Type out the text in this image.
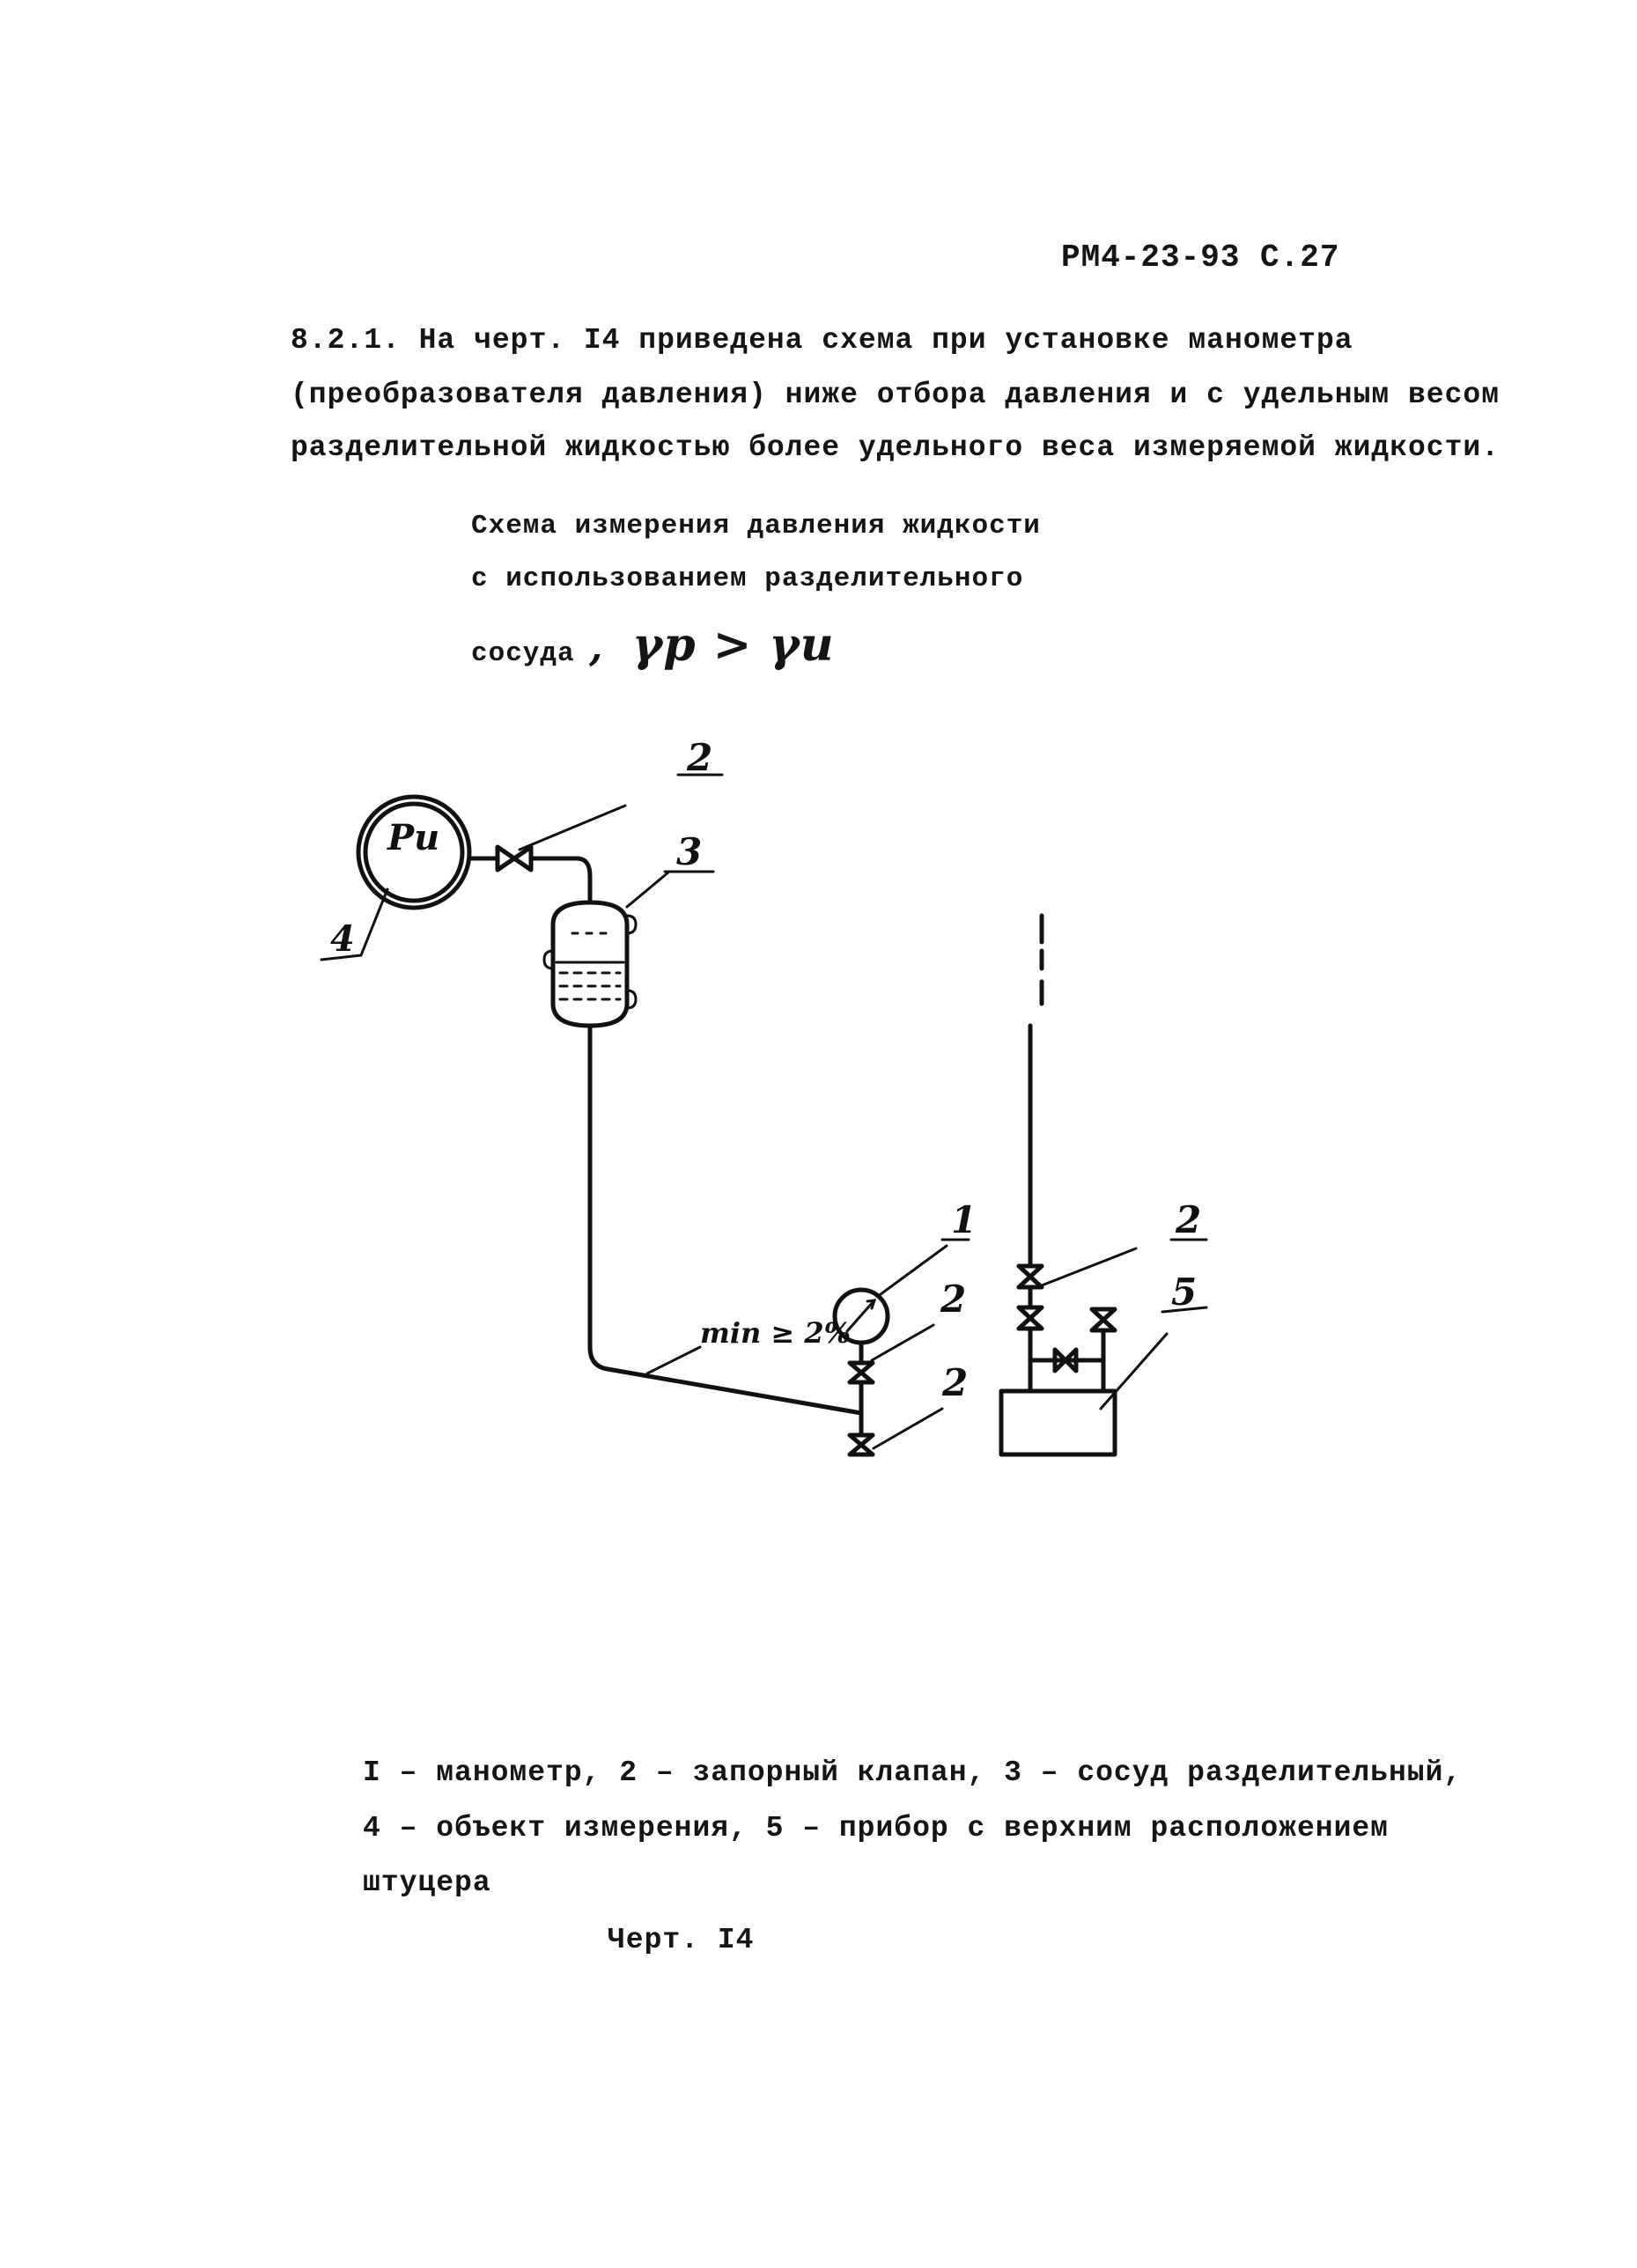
РМ4-23-93 С.27
8.2.1. На черт. I4 приведена схема при установке манометра
(преобразователя давления) ниже отбора давления и с удельным весом
разделительной жидкостью более удельного веса измеряемой жидкости.
Схема измерения давления жидкости
с использованием разделительного
сосуда ,  γр > γи
Pи
4
2
3
min ≥ 2%
1
2
2
2
5
I – манометр, 2 – запорный клапан, 3 – сосуд разделительный,
4 – объект измерения, 5 – прибор с верхним расположением
штуцера
Черт. I4
